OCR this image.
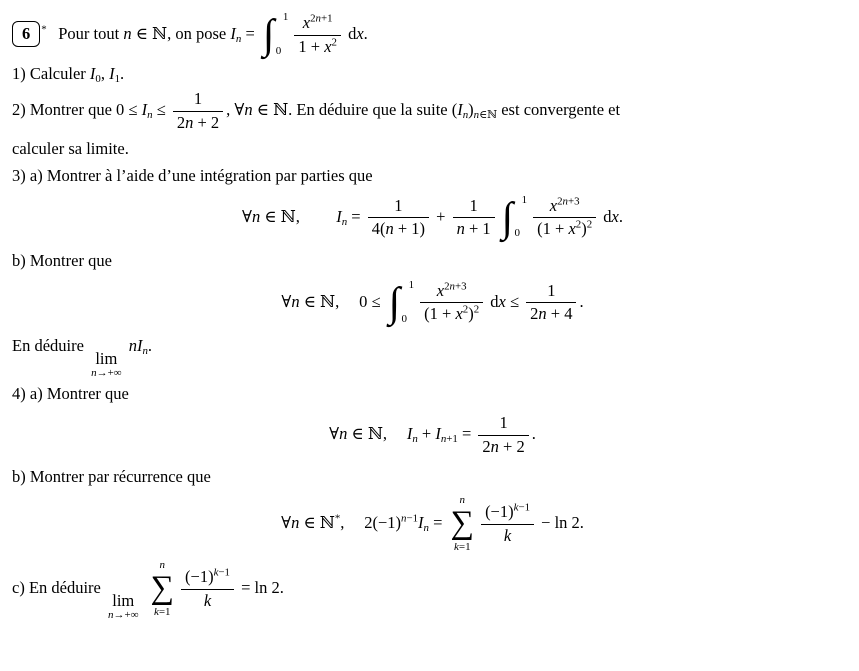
6 * Pour tout n ∈ ℕ, on pose $I_n$ = ∫ 1
$0 \frac{x^{2n+1}}{1 + x^2}$ dx.
1) Calculer $I_0$, $I_1$.
2) Montrer que $0 \le I_n \le \frac{1}{2n + 2}$ , ∀n ∈ ℕ. En déduire que la suite $(I_n)_{n\in ℕ}$ est convergente et
calculer sa limite.
3) a) Montrer à l’aide d’une intégration par parties que
∀n ∈ ℕ, $I_n = \frac{1}{4(n + 1)} + \frac{1}{n + 1}$ ∫ 1
$0 \frac{x^{2n+3}}{(1 + x^2)^2}$ dx.
b) Montrer que
∀n ∈ ℕ, 0 ≤ ∫ 1
$0 \frac{x^{2n+3}}{(1 + x^2)^2}$ dx ≤ $\frac{1}{2n + 4}$ .
En déduire
lim
n→+∞
$nI_n$.
4) a) Montrer que
∀n ∈ ℕ, $I_n + I_{n+1} = \frac{1}{2n + 2}$ .
b) Montrer par récurrence que
∀n ∈ ℕ*, $2(-1)^{n-1}I_n$ =
n
∑
$k=1 \frac{(-1)^{k-1}}{k} - \ln 2$.
c) En déduire
lim
n→+∞
n
∑
$k=1 \frac{(-1)^{k-1}}{k} = \ln 2$.
